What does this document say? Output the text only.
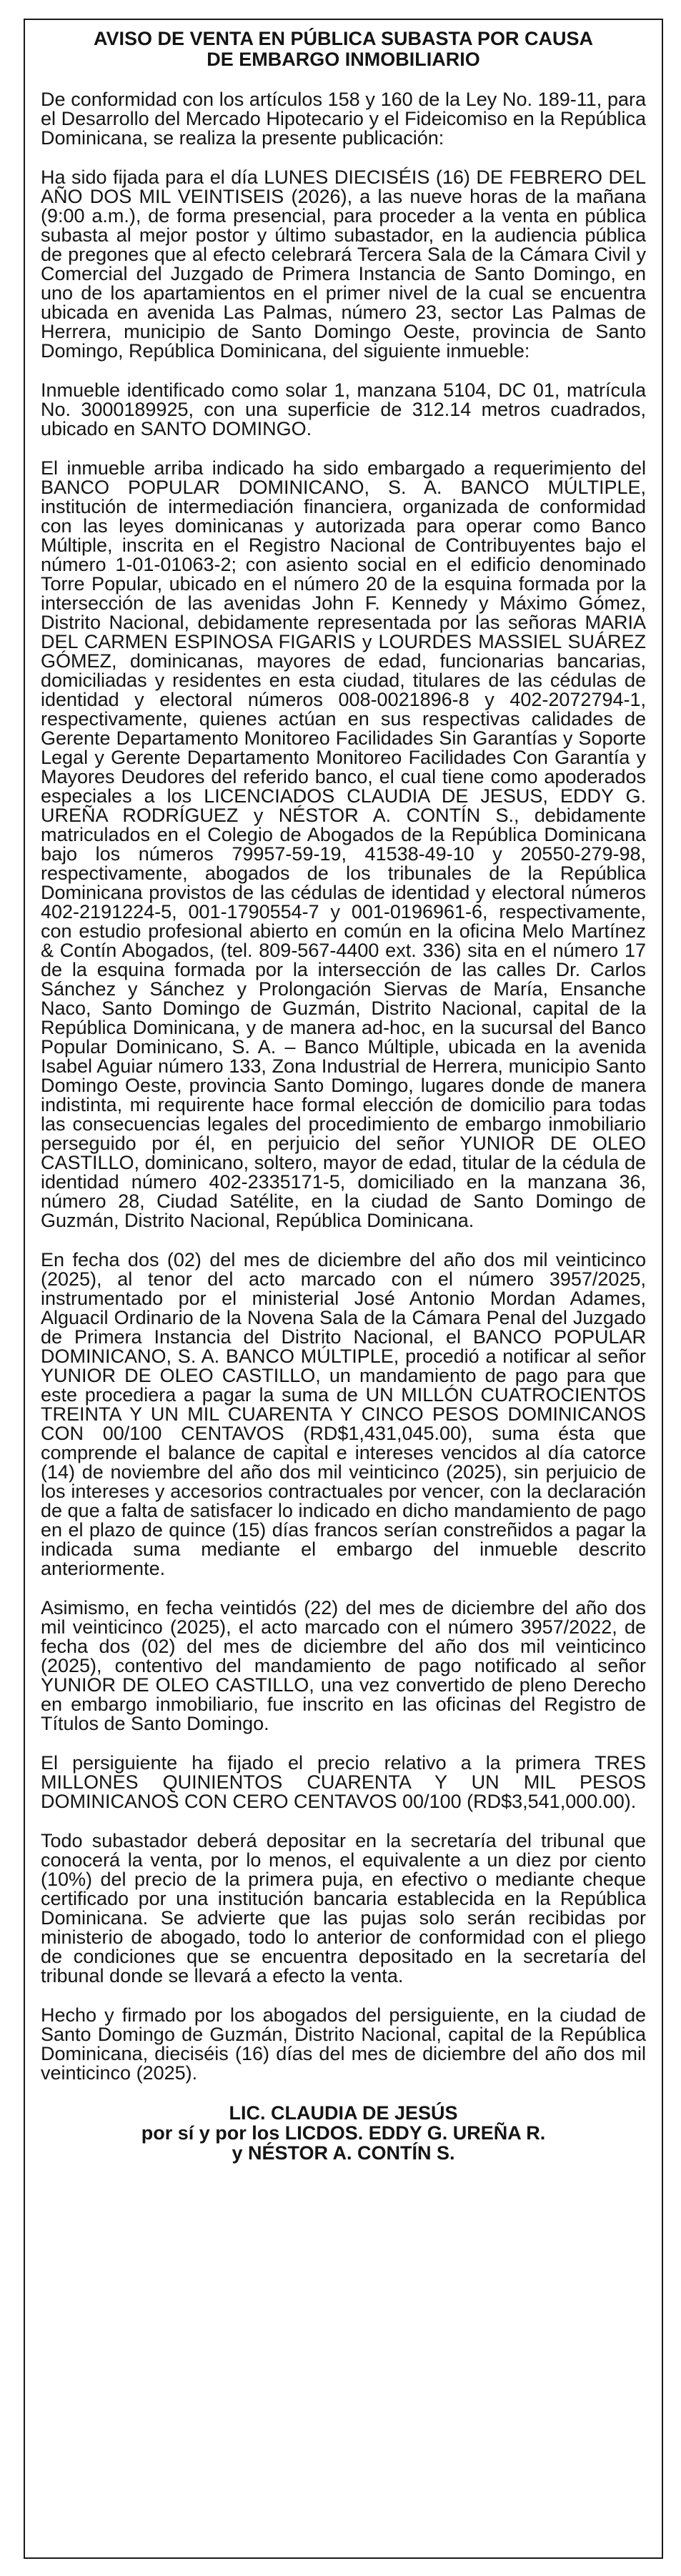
AVISO DE VENTA EN PÚBLICA SUBASTA POR CAUSA
DE EMBARGO INMOBILIARIO

De conformidad con los artículos 158 y 160 de la Ley No. 189-11, para el Desarrollo del Mercado Hipotecario y el Fideicomiso en la República Dominicana, se realiza la presente publicación:

Ha sido fijada para el día LUNES DIECISÉIS (16) DE FEBRERO DEL AÑO DOS MIL VEINTISEIS (2026), a las nueve horas de la mañana (9:00 a.m.), de forma presencial, para proceder a la venta en pública subasta al mejor postor y último subastador, en la audiencia pública de pregones que al efecto celebrará Tercera Sala de la Cámara Civil y Comercial del Juzgado de Primera Instancia de Santo Domingo, en uno de los apartamientos en el primer nivel de la cual se encuentra ubicada en avenida Las Palmas, número 23, sector Las Palmas de Herrera, municipio de Santo Domingo Oeste, provincia de Santo Domingo, República Dominicana, del siguiente inmueble:

Inmueble identificado como solar 1, manzana 5104, DC 01, matrícula No. 3000189925, con una superficie de 312.14 metros cuadrados, ubicado en SANTO DOMINGO.

El inmueble arriba indicado ha sido embargado a requerimiento del BANCO POPULAR DOMINICANO, S. A. BANCO MÚLTIPLE, institución de intermediación financiera, organizada de conformidad con las leyes dominicanas y autorizada para operar como Banco Múltiple, inscrita en el Registro Nacional de Contribuyentes bajo el número 1-01-01063-2; con asiento social en el edificio denominado Torre Popular, ubicado en el número 20 de la esquina formada por la intersección de las avenidas John F. Kennedy y Máximo Gómez, Distrito Nacional, debidamente representada por las señoras MARIA DEL CARMEN ESPINOSA FIGARIS y LOURDES MASSIEL SUÁREZ GÓMEZ, dominicanas, mayores de edad, funcionarias bancarias, domiciliadas y residentes en esta ciudad, titulares de las cédulas de identidad y electoral números 008-0021896-8 y 402-2072794-1, respectivamente, quienes actúan en sus respectivas calidades de Gerente Departamento Monitoreo Facilidades Sin Garantías y Soporte Legal y Gerente Departamento Monitoreo Facilidades Con Garantía y Mayores Deudores del referido banco, el cual tiene como apoderados especiales a los LICENCIADOS CLAUDIA DE JESUS, EDDY G. UREÑA RODRÍGUEZ y NÉSTOR A. CONTÍN S., debidamente matriculados en el Colegio de Abogados de la República Dominicana bajo los números 79957-59-19, 41538-49-10 y 20550-279-98, respectivamente, abogados de los tribunales de la República Dominicana provistos de las cédulas de identidad y electoral números 402-2191224-5, 001-1790554-7 y 001-0196961-6, respectivamente, con estudio profesional abierto en común en la oficina Melo Martínez & Contín Abogados, (tel. 809-567-4400 ext. 336) sita en el número 17 de la esquina formada por la intersección de las calles Dr. Carlos Sánchez y Sánchez y Prolongación Siervas de María, Ensanche Naco, Santo Domingo de Guzmán, Distrito Nacional, capital de la República Dominicana, y de manera ad-hoc, en la sucursal del Banco Popular Dominicano, S. A. – Banco Múltiple, ubicada en la avenida Isabel Aguiar número 133, Zona Industrial de Herrera, municipio Santo Domingo Oeste, provincia Santo Domingo, lugares donde de manera indistinta, mi requirente hace formal elección de domicilio para todas las consecuencias legales del procedimiento de embargo inmobiliario perseguido por él, en perjuicio del señor YUNIOR DE OLEO CASTILLO, dominicano, soltero, mayor de edad, titular de la cédula de identidad número 402-2335171-5, domiciliado en la manzana 36, número 28, Ciudad Satélite, en la ciudad de Santo Domingo de Guzmán, Distrito Nacional, República Dominicana.

En fecha dos (02) del mes de diciembre del año dos mil veinticinco (2025), al tenor del acto marcado con el número 3957/2025, instrumentado por el ministerial José Antonio Mordan Adames, Alguacil Ordinario de la Novena Sala de la Cámara Penal del Juzgado de Primera Instancia del Distrito Nacional, el BANCO POPULAR DOMINICANO, S. A. BANCO MÚLTIPLE, procedió a notificar al señor YUNIOR DE OLEO CASTILLO, un mandamiento de pago para que este procediera a pagar la suma de UN MILLÓN CUATROCIENTOS TREINTA Y UN MIL CUARENTA Y CINCO PESOS DOMINICANOS CON 00/100 CENTAVOS (RD$1,431,045.00), suma ésta que comprende el balance de capital e intereses vencidos al día catorce (14) de noviembre del año dos mil veinticinco (2025), sin perjuicio de los intereses y accesorios contractuales por vencer, con la declaración de que a falta de satisfacer lo indicado en dicho mandamiento de pago en el plazo de quince (15) días francos serían constreñidos a pagar la indicada suma mediante el embargo del inmueble descrito anteriormente.

Asimismo, en fecha veintidós (22) del mes de diciembre del año dos mil veinticinco (2025), el acto marcado con el número 3957/2022, de fecha dos (02) del mes de diciembre del año dos mil veinticinco (2025), contentivo del mandamiento de pago notificado al señor YUNIOR DE OLEO CASTILLO, una vez convertido de pleno Derecho en embargo inmobiliario, fue inscrito en las oficinas del Registro de Títulos de Santo Domingo.

El persiguiente ha fijado el precio relativo a la primera TRES MILLONES QUINIENTOS CUARENTA Y UN MIL PESOS DOMINICANOS CON CERO CENTAVOS 00/100 (RD$3,541,000.00).

Todo subastador deberá depositar en la secretaría del tribunal que conocerá la venta, por lo menos, el equivalente a un diez por ciento (10%) del precio de la primera puja, en efectivo o mediante cheque certificado por una institución bancaria establecida en la República Dominicana. Se advierte que las pujas solo serán recibidas por ministerio de abogado, todo lo anterior de conformidad con el pliego de condiciones que se encuentra depositado en la secretaría del tribunal donde se llevará a efecto la venta.

Hecho y firmado por los abogados del persiguiente, en la ciudad de Santo Domingo de Guzmán, Distrito Nacional, capital de la República Dominicana, dieciséis (16) días del mes de diciembre del año dos mil veinticinco (2025).

LIC. CLAUDIA DE JESÚS
por sí y por los LICDOS. EDDY G. UREÑA R.
y NÉSTOR A. CONTÍN S.
